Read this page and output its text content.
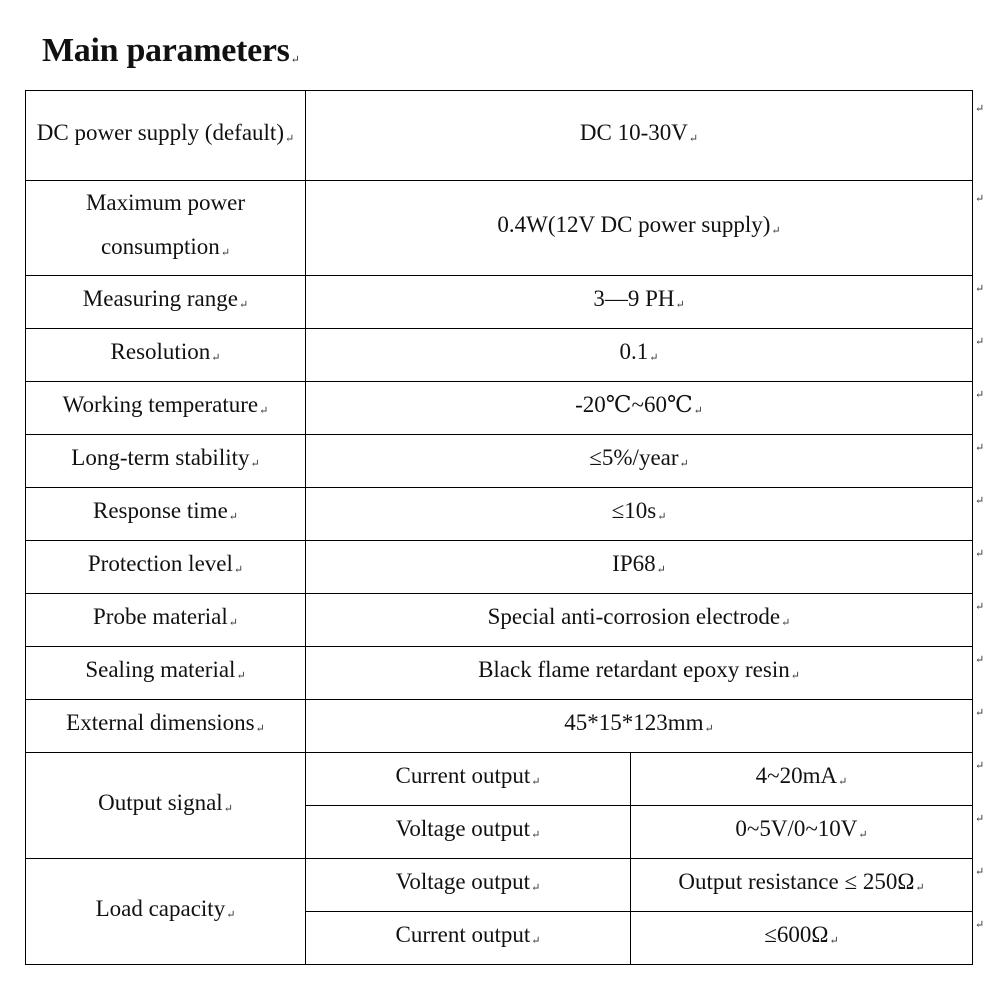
Main parameters↵
DC power supply (default)↵	DC 10-30V↵	
Maximum power consumption↵	0.4W(12V DC power supply)↵	
Measuring range↵	3—9 PH↵	
Resolution↵	0.1↵	
Working temperature↵	-20℃~60℃↵	
Long-term stability↵	≤5%/year↵	
Response time↵	≤10s↵	
Protection level↵	IP68↵	
Probe material↵	Special anti-corrosion electrode↵	
Sealing material↵	Black flame retardant epoxy resin↵	
External dimensions↵	45*15*123mm↵	
Output signal↵	Current output↵	4~20mA↵
	Voltage output↵	0~5V/0~10V↵
Load capacity↵	Voltage output↵	Output resistance ≤ 250Ω↵
	Current output↵	≤600Ω↵
↵
↵
↵
↵
↵
↵
↵
↵
↵
↵
↵
↵
↵
↵
↵
